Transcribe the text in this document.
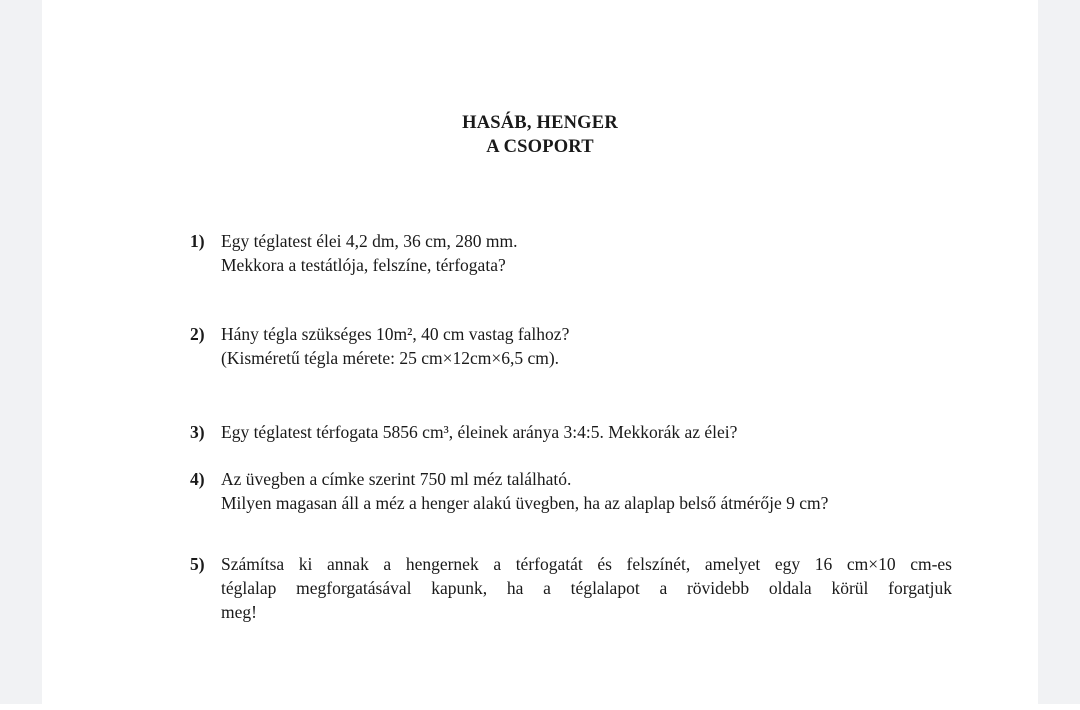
HASÁB, HENGER
A CSOPORT
1) Egy téglatest élei 4,2 dm, 36 cm, 280 mm.
Mekkora a testátlója, felszíne, térfogata?
2) Hány tégla szükséges 10m², 40 cm vastag falhoz?
(Kisméretű tégla mérete: 25 cm×12cm×6,5 cm).
3) Egy téglatest térfogata 5856 cm³, éleinek aránya 3:4:5. Mekkorák az élei?
4) Az üvegben a címke szerint 750 ml méz található.
Milyen magasan áll a méz a henger alakú üvegben, ha az alaplap belső átmérője 9 cm?
5) Számítsa ki annak a hengernek a térfogatát és felszínét, amelyet egy 16 cm×10 cm-es
téglalap megforgatásával kapunk, ha a téglalapot a rövidebb oldala körül forgatjuk
meg!
